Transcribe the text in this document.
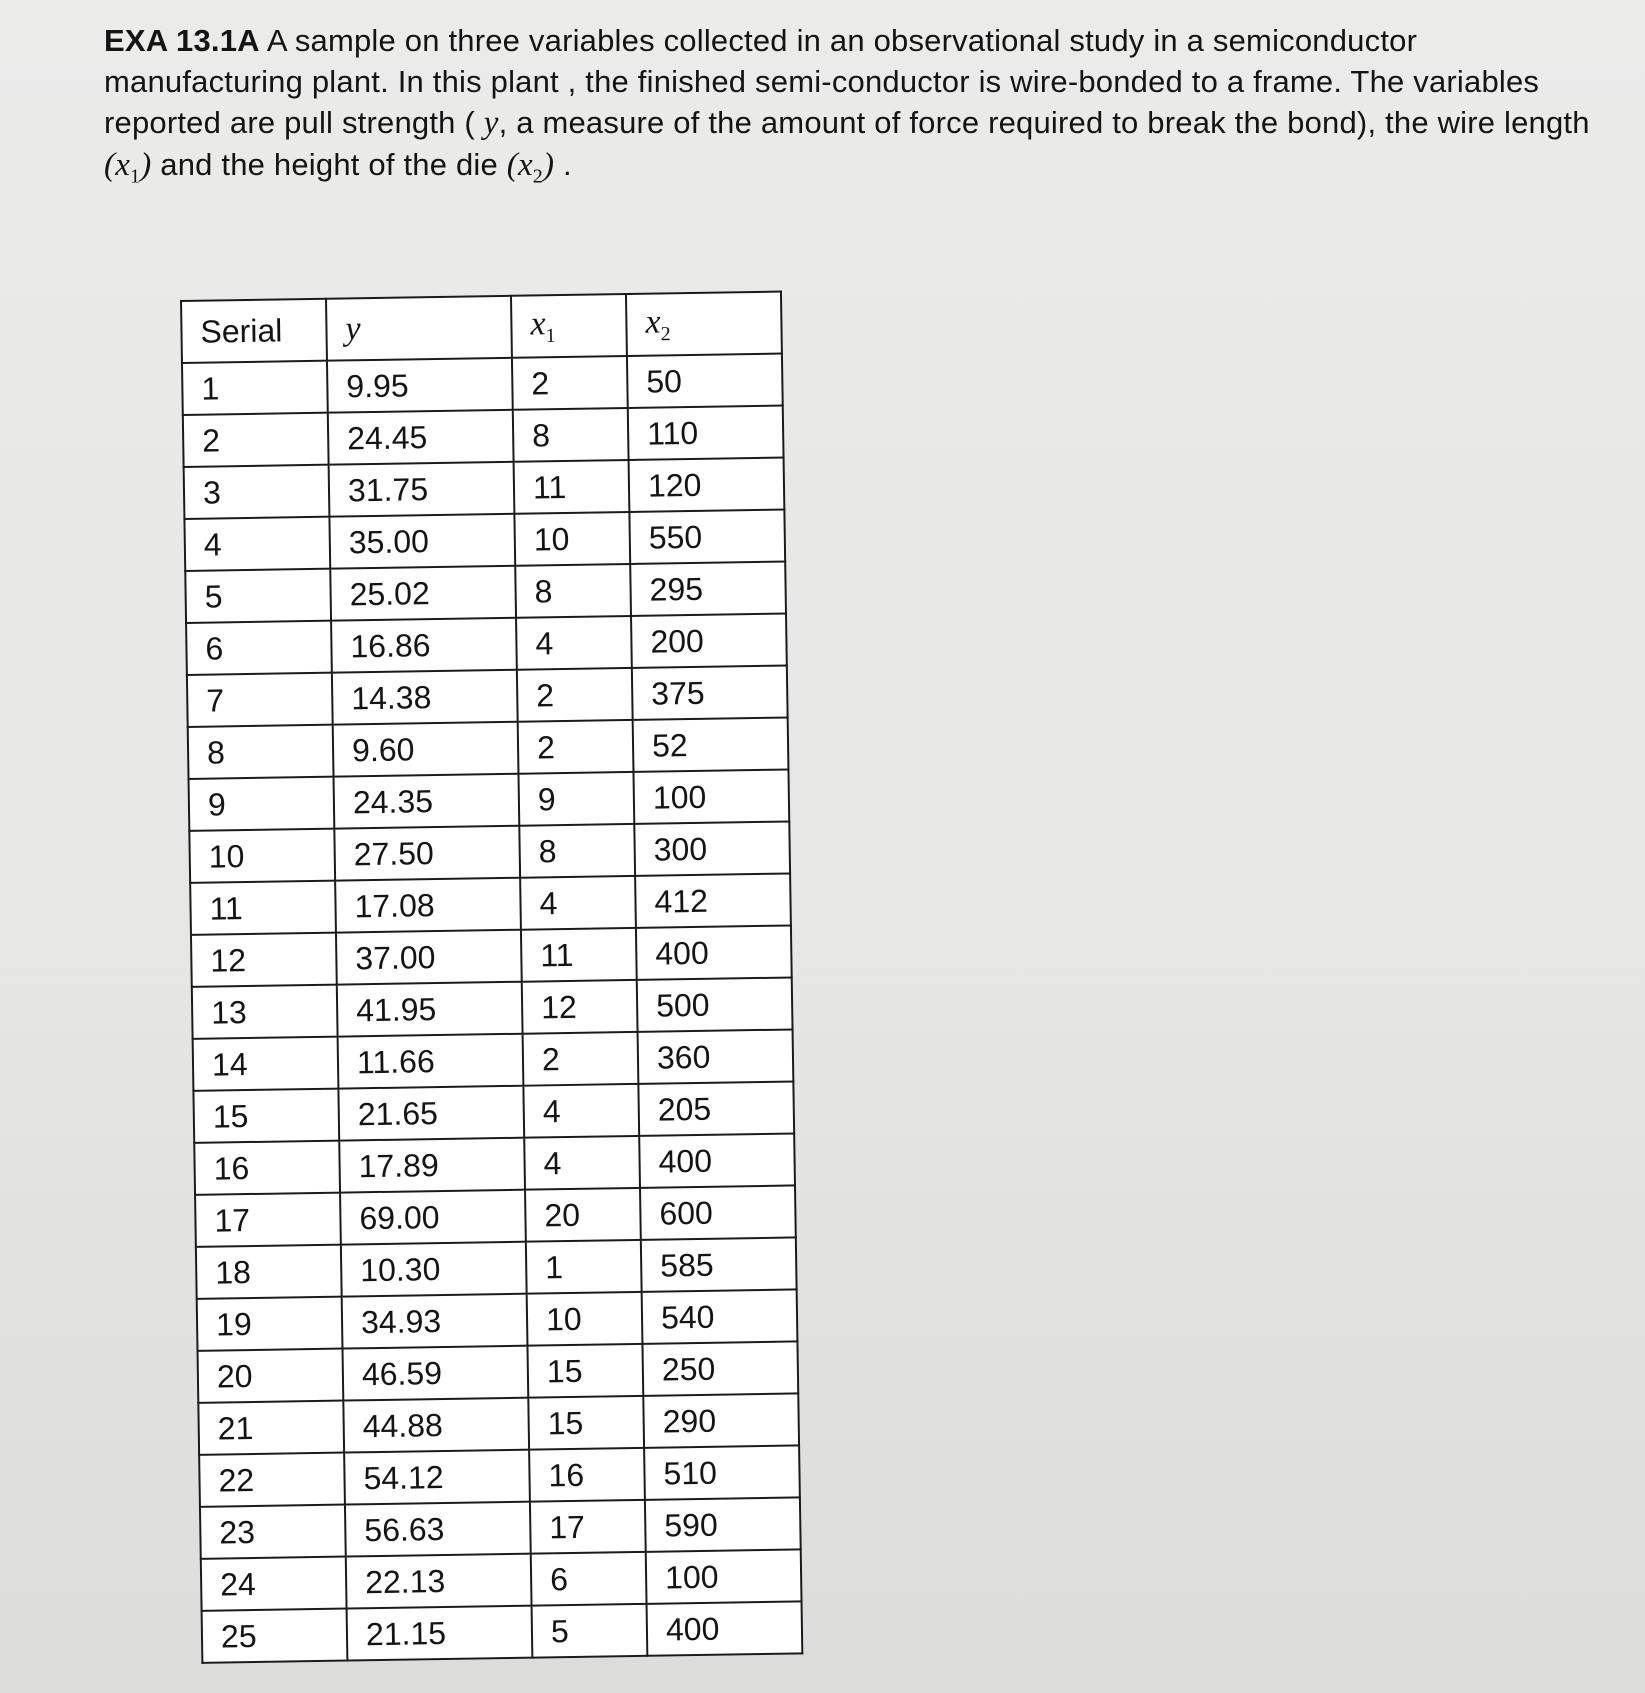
EXA 13.1A A sample on three variables collected in an observational study in a semiconductor manufacturing plant. In this plant , the finished semi-conductor is wire-bonded to a frame. The variables reported are pull strength ( y, a measure of the amount of force required to break the bond), the wire length $(x_1)$ and the height of the die $(x_2)$ .

Serial	y	$x_1$	$x_2$
1	9.95	2	50
2	24.45	8	110
3	31.75	11	120
4	35.00	10	550
5	25.02	8	295
6	16.86	4	200
7	14.38	2	375
8	9.60	2	52
9	24.35	9	100
10	27.50	8	300
11	17.08	4	412
12	37.00	11	400
13	41.95	12	500
14	11.66	2	360
15	21.65	4	205
16	17.89	4	400
17	69.00	20	600
18	10.30	1	585
19	34.93	10	540
20	46.59	15	250
21	44.88	15	290
22	54.12	16	510
23	56.63	17	590
24	22.13	6	100
25	21.15	5	400
